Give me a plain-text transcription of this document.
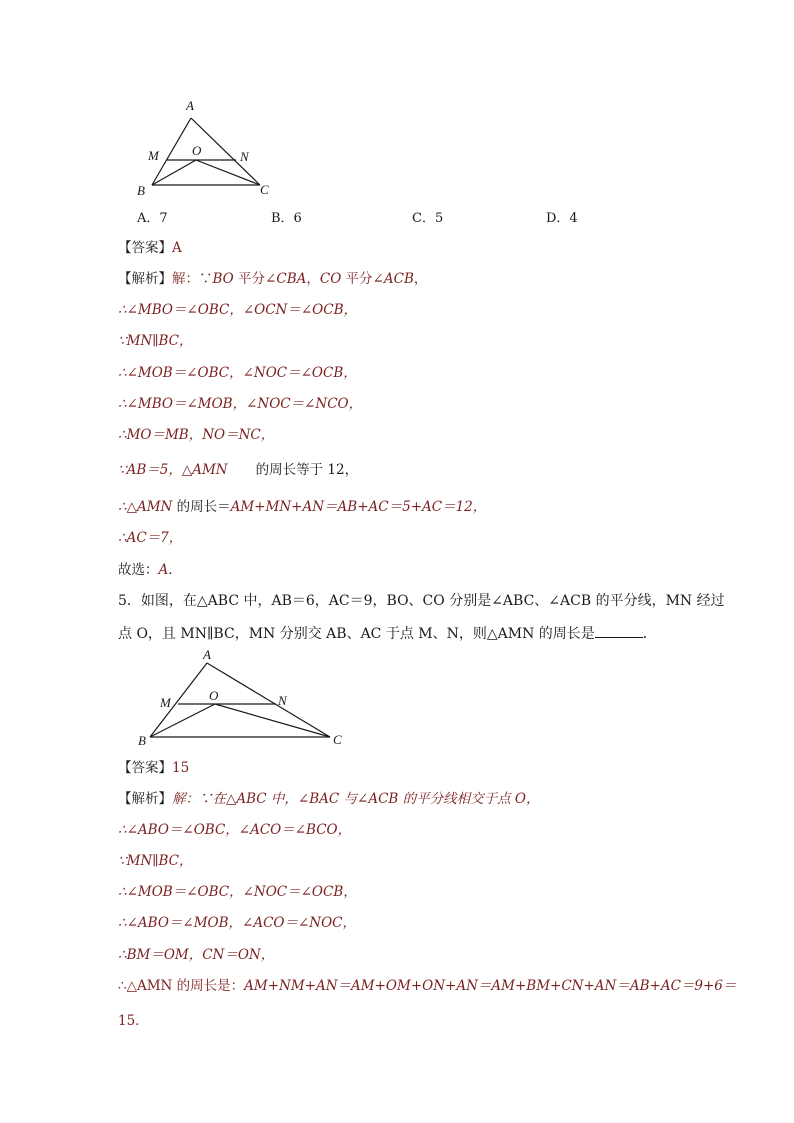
A
M	O	N
B	C
A．7	B．6	C．5	D．4
【答案】A
【解析】解：∵BO 平分∠CBA，CO 平分∠ACB，
∴∠MBO＝∠OBC，∠OCN＝∠OCB，
∵MN∥BC，
∴∠MOB＝∠OBC，∠NOC＝∠OCB，
∴∠MBO＝∠MOB，∠NOC＝∠NCO，
∴MO＝MB，NO＝NC，
∵AB＝5，△AMN 的周长等于 12，
∴△AMN 的周长＝AM+MN+AN＝AB+AC＝5+AC＝12，
∴AC＝7，
故选：A．
5．如图，在△ABC 中，AB＝6，AC＝9，BO、CO 分别是∠ABC、∠ACB 的平分线，MN 经过
点 O，且 MN∥BC，MN 分别交 AB、AC 于点 M、N，则△AMN 的周长是	．
A
M	O	N
B	C
【答案】15
【解析】解：∵在△ABC 中，∠BAC 与∠ACB 的平分线相交于点 O，
∴∠ABO＝∠OBC，∠ACO＝∠BCO，
∵MN∥BC，
∴∠MOB＝∠OBC，∠NOC＝∠OCB，
∴∠ABO＝∠MOB，∠ACO＝∠NOC，
∴BM＝OM，CN＝ON，
∴△AMN 的周长是：AM+NM+AN＝AM+OM+ON+AN＝AM+BM+CN+AN＝AB+AC＝9+6＝
15．
